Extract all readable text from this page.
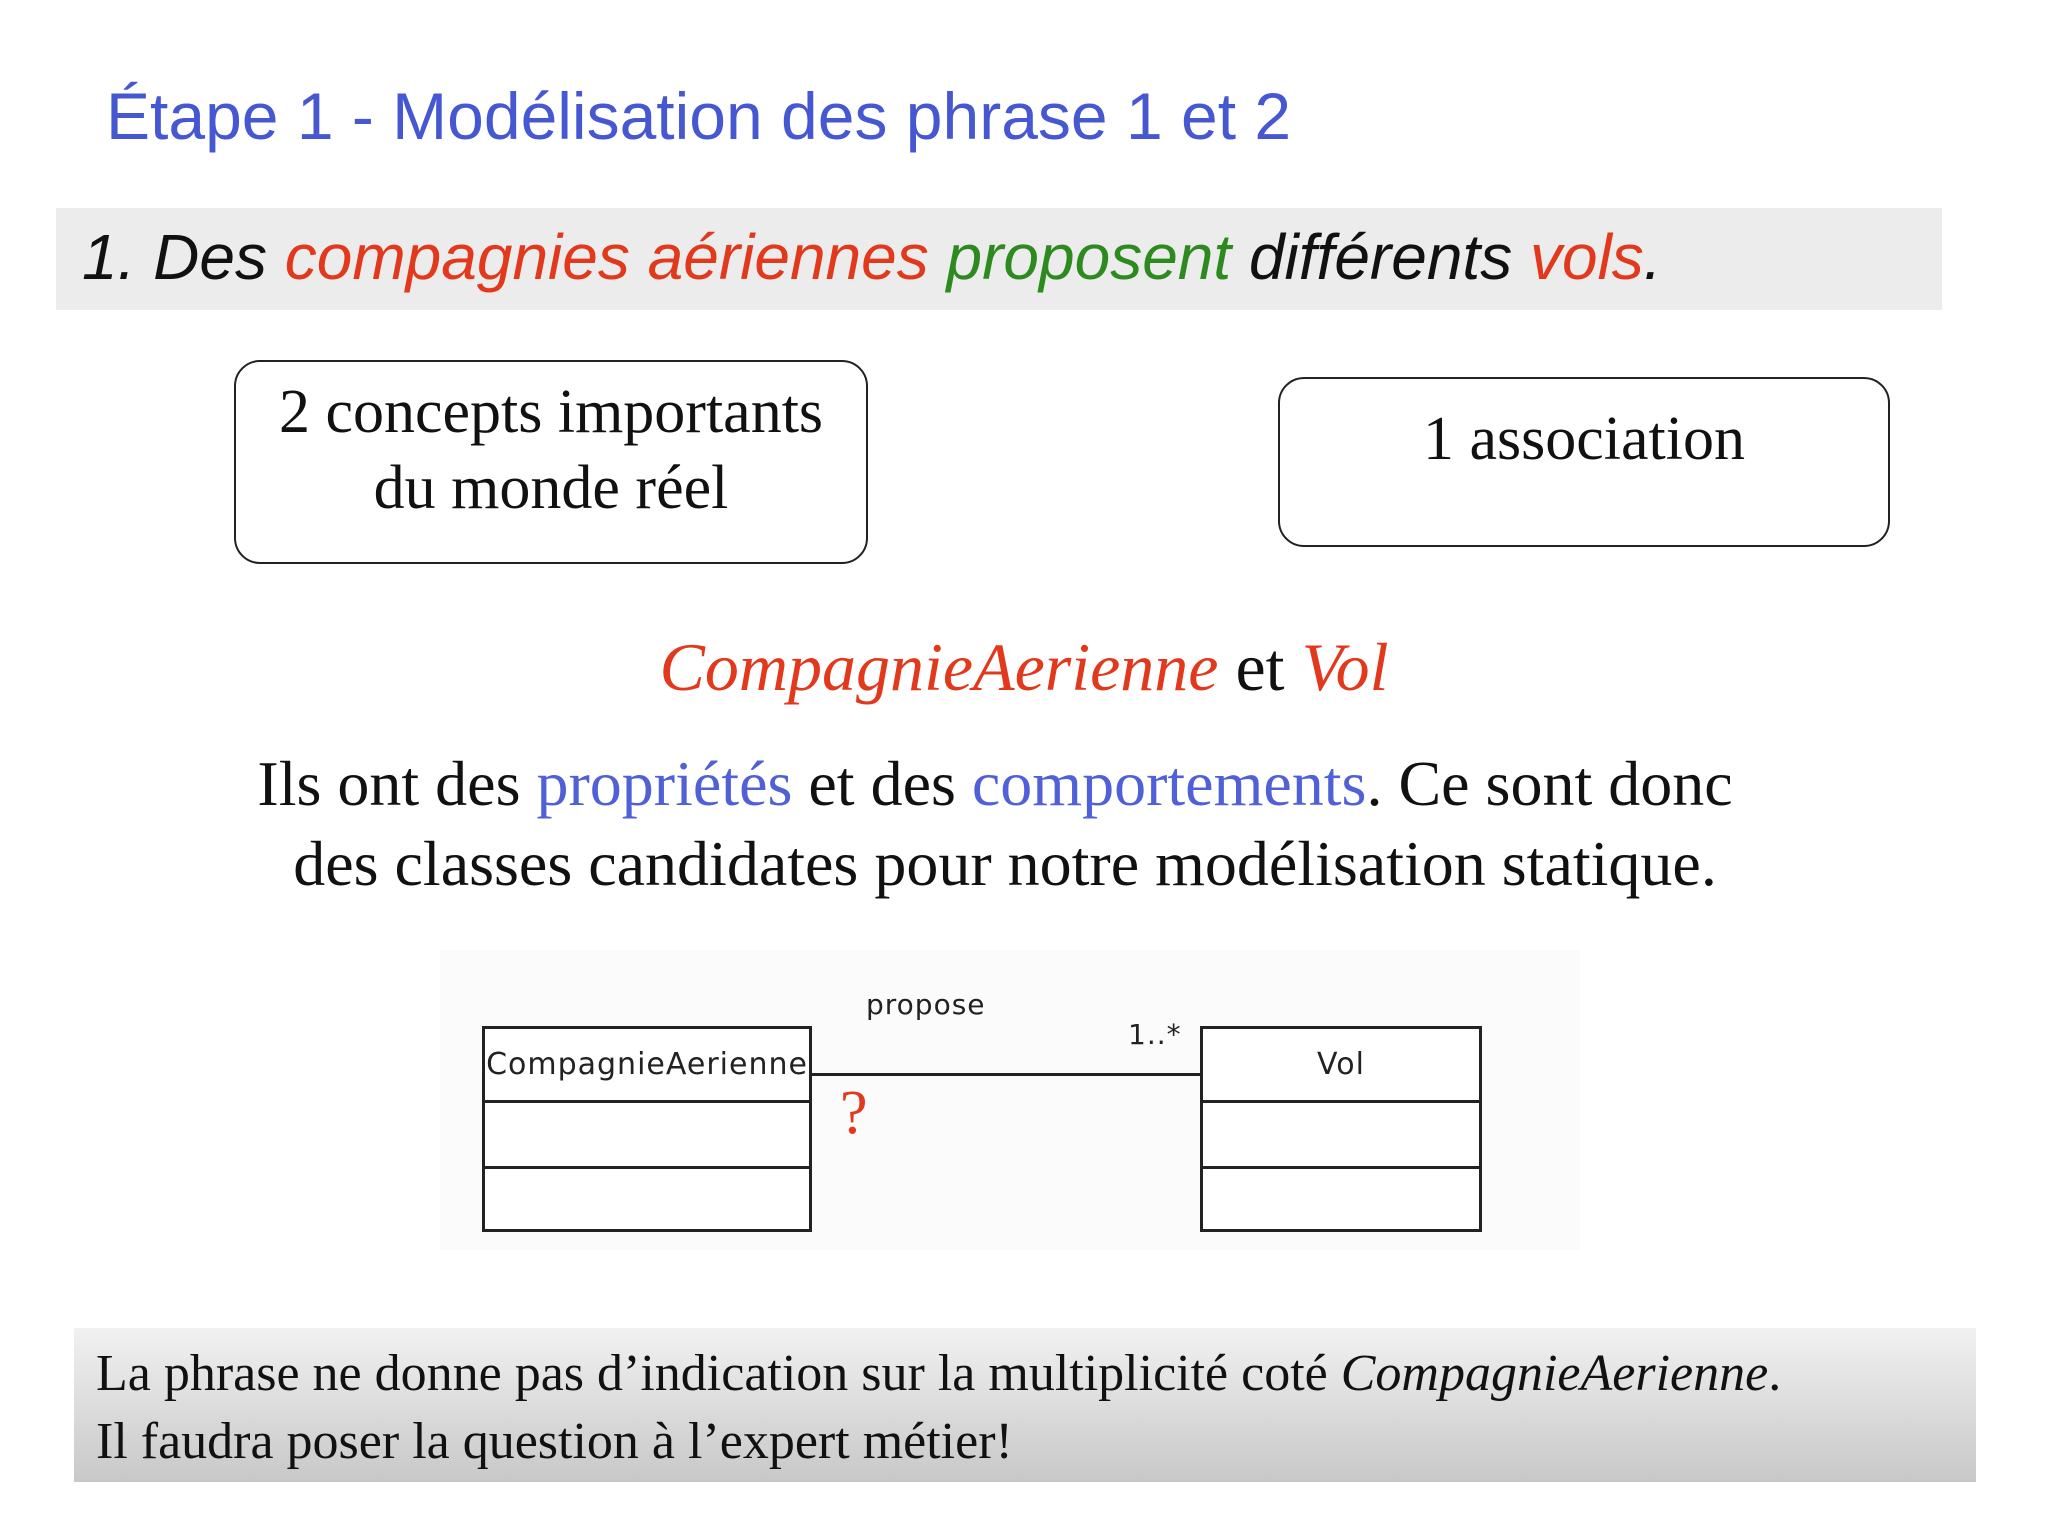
Étape 1 - Modélisation des phrase 1 et 2
1. Des compagnies aériennes proposent différents vols.
2 concepts importants
du monde réel
1 association
CompagnieAerienne et Vol
Ils ont des propriétés et des comportements. Ce sont donc
des classes candidates pour notre modélisation statique.
CompagnieAerienne	Vol
propose
1..*
?
La phrase ne donne pas d’indication sur la multiplicité coté CompagnieAerienne.
Il faudra poser la question à l’expert métier!
